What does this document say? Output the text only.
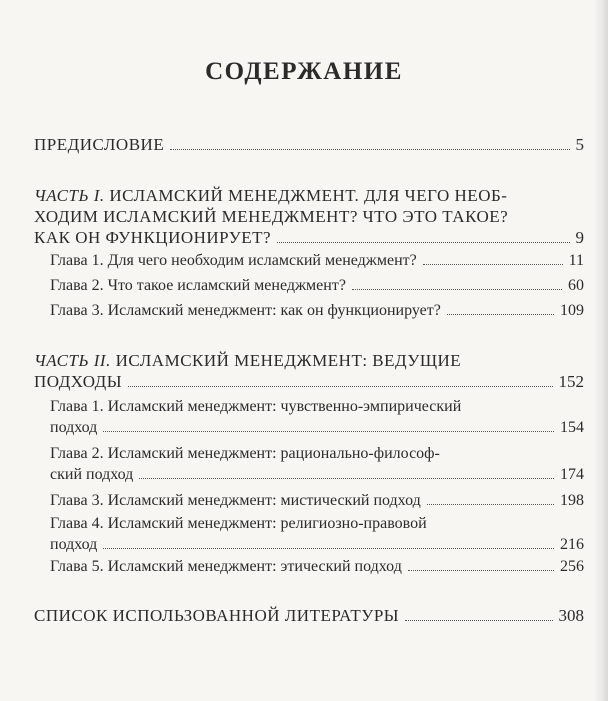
СОДЕРЖАНИЕ
ПРЕДИСЛОВИЕ	5
ЧАСТЬ I. ИСЛАМСКИЙ МЕНЕДЖМЕНТ. ДЛЯ ЧЕГО НЕОБ-
ХОДИМ ИСЛАМСКИЙ МЕНЕДЖМЕНТ? ЧТО ЭТО ТАКОЕ?
КАК ОН ФУНКЦИОНИРУЕТ?	9
Глава 1. Для чего необходим исламский менеджмент?	11
Глава 2. Что такое исламский менеджмент?	60
Глава 3. Исламский менеджмент: как он функционирует?	109
ЧАСТЬ II. ИСЛАМСКИЙ МЕНЕДЖМЕНТ: ВЕДУЩИЕ
ПОДХОДЫ	152
Глава 1. Исламский менеджмент: чувственно-эмпирический
подход	154
Глава 2. Исламский менеджмент: рационально-философ-
ский подход	174
Глава 3. Исламский менеджмент: мистический подход	198
Глава 4. Исламский менеджмент: религиозно-правовой
подход	216
Глава 5. Исламский менеджмент: этический подход	256
СПИСОК ИСПОЛЬЗОВАННОЙ ЛИТЕРАТУРЫ	308
